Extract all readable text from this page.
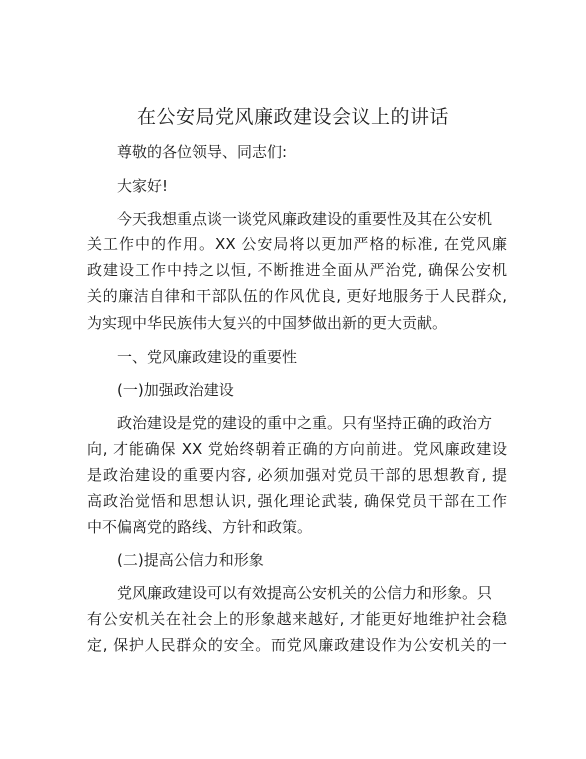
在公安局党风廉政建设会议上的讲话
尊敬的各位领导、同志们:
大家好!
今天我想重点谈一谈党风廉政建设的重要性及其在公安机
关工作中的作用。XX 公安局将以更加严格的标准, 在党风廉
政建设工作中持之以恒, 不断推进全面从严治党, 确保公安机
关的廉洁自律和干部队伍的作风优良, 更好地服务于人民群众,
为实现中华民族伟大复兴的中国梦做出新的更大贡献。
一、党风廉政建设的重要性
(一)加强政治建设
政治建设是党的建设的重中之重。只有坚持正确的政治方
向, 才能确保 XX 党始终朝着正确的方向前进。党风廉政建设
是政治建设的重要内容, 必须加强对党员干部的思想教育, 提
高政治觉悟和思想认识, 强化理论武装, 确保党员干部在工作
中不偏离党的路线、方针和政策。
(二)提高公信力和形象
党风廉政建设可以有效提高公安机关的公信力和形象。只
有公安机关在社会上的形象越来越好, 才能更好地维护社会稳
定, 保护人民群众的安全。而党风廉政建设作为公安机关的一
